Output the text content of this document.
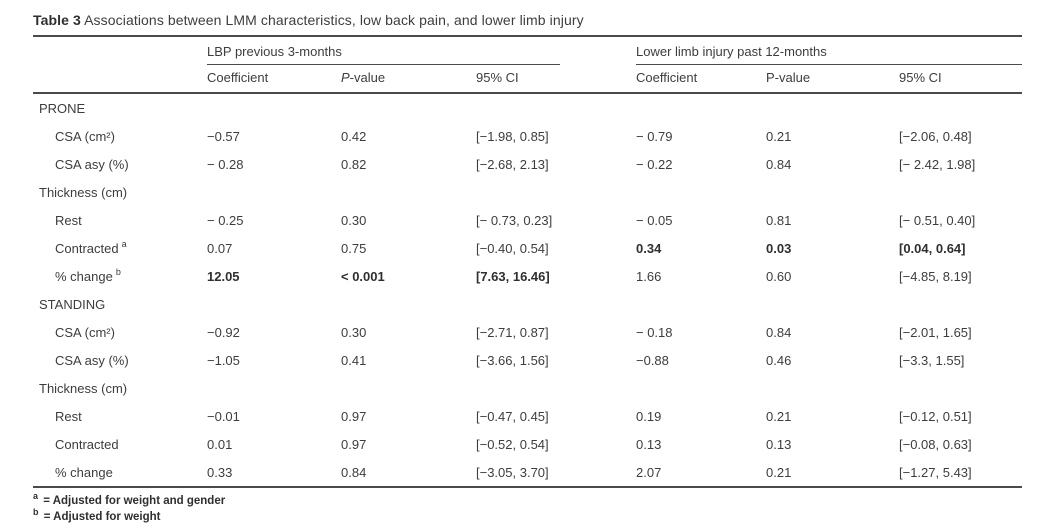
Table 3 Associations between LMM characteristics, low back pain, and lower limb injury

	LBP previous 3-months			Lower limb injury past 12-months		

	Coefficient	P-value	95% CI	Coefficient	P-value	95% CI
PRONE						
CSA (cm²)	−0.57	0.42	[−1.98, 0.85]	− 0.79	0.21	[−2.06, 0.48]
CSA asy (%)	− 0.28	0.82	[−2.68, 2.13]	− 0.22	0.84	[− 2.42, 1.98]
Thickness (cm)						
Rest	− 0.25	0.30	[− 0.73, 0.23]	− 0.05	0.81	[− 0.51, 0.40]
Contracted $^a$	0.07	0.75	[−0.40, 0.54]	0.34	0.03	[0.04, 0.64]
% change $^b$	12.05	< 0.001	[7.63, 16.46]	1.66	0.60	[−4.85, 8.19]
STANDING						
CSA (cm²)	−0.92	0.30	[−2.71, 0.87]	− 0.18	0.84	[−2.01, 1.65]
CSA asy (%)	−1.05	0.41	[−3.66, 1.56]	−0.88	0.46	[−3.3, 1.55]
Thickness (cm)						
Rest	−0.01	0.97	[−0.47, 0.45]	0.19	0.21	[−0.12, 0.51]
Contracted	0.01	0.97	[−0.52, 0.54]	0.13	0.13	[−0.08, 0.63]
% change	0.33	0.84	[−3.05, 3.70]	2.07	0.21	[−1.27, 5.43]
$^a$ = Adjusted for weight and gender
$^b$ = Adjusted for weight
